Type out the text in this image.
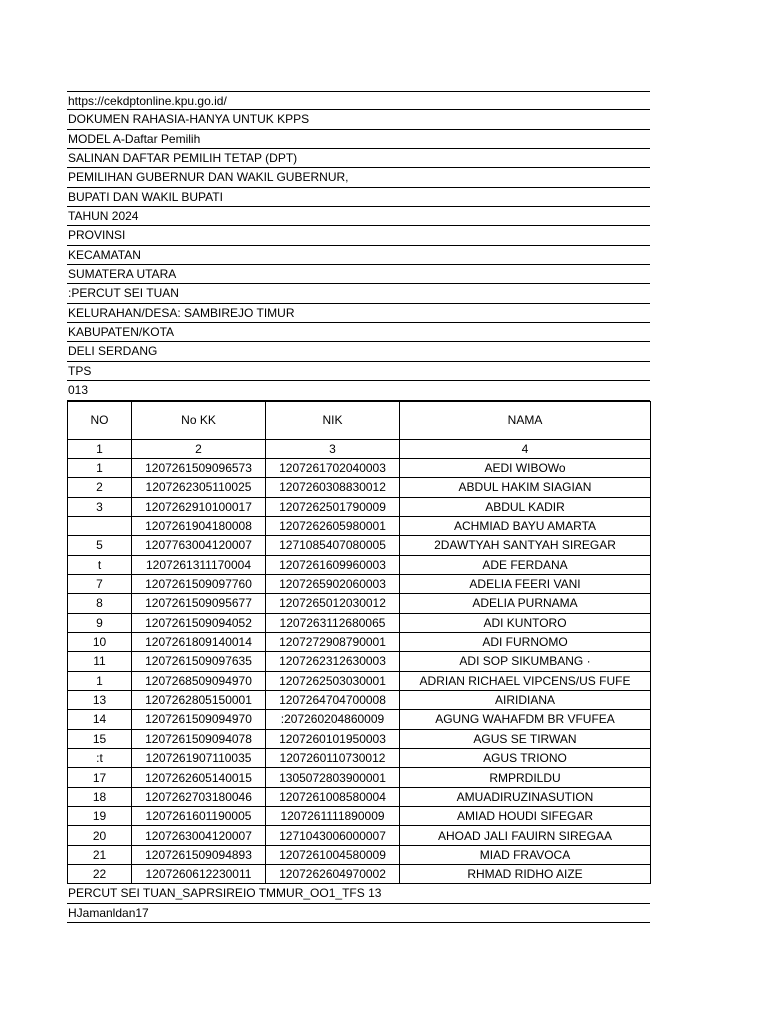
https://cekdptonline.kpu.go.id/
DOKUMEN RAHASIA-HANYA UNTUK KPPS
MODEL A-Daftar Pemilih
SALINAN DAFTAR PEMILIH TETAP (DPT)
PEMILIHAN GUBERNUR DAN WAKIL GUBERNUR,
BUPATI DAN WAKIL BUPATI
TAHUN 2024
PROVINSI
KECAMATAN
SUMATERA UTARA
:PERCUT SEI TUAN
KELURAHAN/DESA: SAMBIREJO TIMUR
KABUPATEN/KOTA
DELI SERDANG
TPS
013
NO	No KK	NIK	NAMA
1	2	3	4
1	1207261509096573	1207261702040003	AEDI WIBOWo
2	1207262305110025	1207260308830012	ABDUL HAKIM SIAGIAN
3	1207262910100017	1207262501790009	ABDUL KADIR
	1207261904180008	1207262605980001	ACHMIAD BAYU AMARTA
5	1207763004120007	1271085407080005	2DAWTYAH SANTYAH SIREGAR
t	1207261311170004	1207261609960003	ADE FERDANA
7	1207261509097760	1207265902060003	ADELIA FEERI VANI
8	1207261509095677	1207265012030012	ADELIA PURNAMA
9	1207261509094052	1207263112680065	ADI KUNTORO
10	1207261809140014	1207272908790001	ADI FURNOMO
11	1207261509097635	1207262312630003	ADI SOP SIKUMBANG ·
1	1207268509094970	1207262503030001	ADRIAN RICHAEL VIPCENS/US FUFE
13	1207262805150001	1207264704700008	AIRIDIANA
14	1207261509094970	:207260204860009	AGUNG WAHAFDM BR VFUFEA
15	1207261509094078	1207260101950003	AGUS SE TIRWAN
:t	1207261907110035	1207260110730012	AGUS TRIONO
17	1207262605140015	1305072803900001	RMPRDILDU
18	1207262703180046	1207261008580004	AMUADIRUZINASUTION
19	1207261601190005	1207261111890009	AMIAD HOUDI SIFEGAR
20	1207263004120007	1271043006000007	AHOAD JALI FAUIRN SIREGAA
21	1207261509094893	1207261004580009	MIAD FRAVOCA
22	1207260612230011	1207262604970002	RHMAD RIDHO AIZE
PERCUT SEI TUAN_SAPRSIREIO TMMUR_OO1_TFS 13
HJamanldan17
